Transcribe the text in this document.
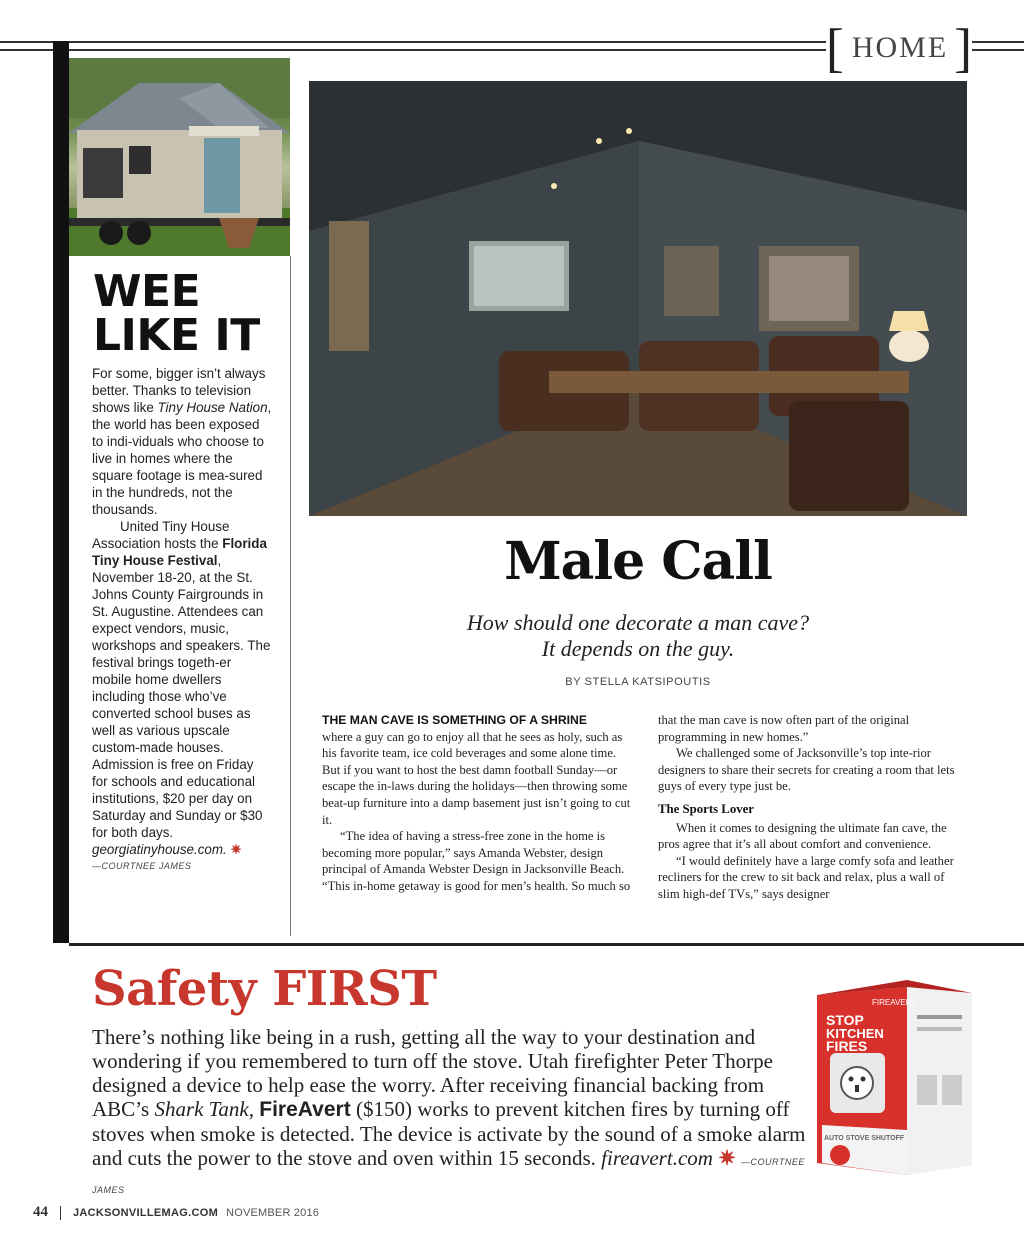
[ HOME ]
WEE LIKE IT

For some, bigger isn’t always better. Thanks to television shows like Tiny House Nation, the world has been exposed to indi-viduals who choose to live in homes where the square footage is mea-sured in the hundreds, not the thousands.

United Tiny House Association hosts the Florida Tiny House Festival, November 18-20, at the St. Johns County Fairgrounds in St. Augustine. Attendees can expect vendors, music, workshops and speakers. The festival brings togeth-er mobile home dwellers including those who’ve converted school buses as well as various upscale custom-made houses. Admission is free on Friday for schools and educational institutions, $20 per day on Saturday and Sunday or $30 for both days. georgiatinyhouse.com. ✷

—COURTNEE JAMES

Male Call
How should one decorate a man cave?
It depends on the guy.
BY STELLA KATSIPOUTIS
THE MAN CAVE IS SOMETHING OF A SHRINE
where a guy can go to enjoy all that he sees as holy, such as his favorite team, ice cold beverages and some alone time. But if you want to host the best damn football Sunday—or escape the in-laws during the holidays—then throwing some beat-up furniture into a damp basement just isn’t going to cut it.
“The idea of having a stress-free zone in the home is becoming more popular,” says Amanda Webster, design principal of Amanda Webster Design in Jacksonville Beach. “This in-home getaway is good for men’s health. So much so
that the man cave is now often part of the original programming in new homes.”
We challenged some of Jacksonville’s top inte-rior designers to share their secrets for creating a room that lets guys of every type just be.
The Sports Lover
When it comes to designing the ultimate fan cave, the pros agree that it’s all about comfort and convenience.
“I would definitely have a large comfy sofa and leather recliners for the crew to sit back and relax, plus a wall of slim high-def TVs,” says designer
Safety FIRST
There’s nothing like being in a rush, getting all the way to your destination and wondering if you remembered to turn off the stove. Utah firefighter Peter Thorpe designed a device to help ease the worry. After receiving financial backing from ABC’s Shark Tank, FireAvert ($150) works to prevent kitchen fires by turning off stoves when smoke is detected. The device is activate by the sound of a smoke alarm and cuts the power to the stove and oven within 15 seconds. fireavert.com ✷ —COURTNEE JAMES
FIREAVERT
STOP
KITCHEN
FIRES
AUTO STOVE SHUTOFF
44 JACKSONVILLEMAG.COM NOVEMBER 2016
